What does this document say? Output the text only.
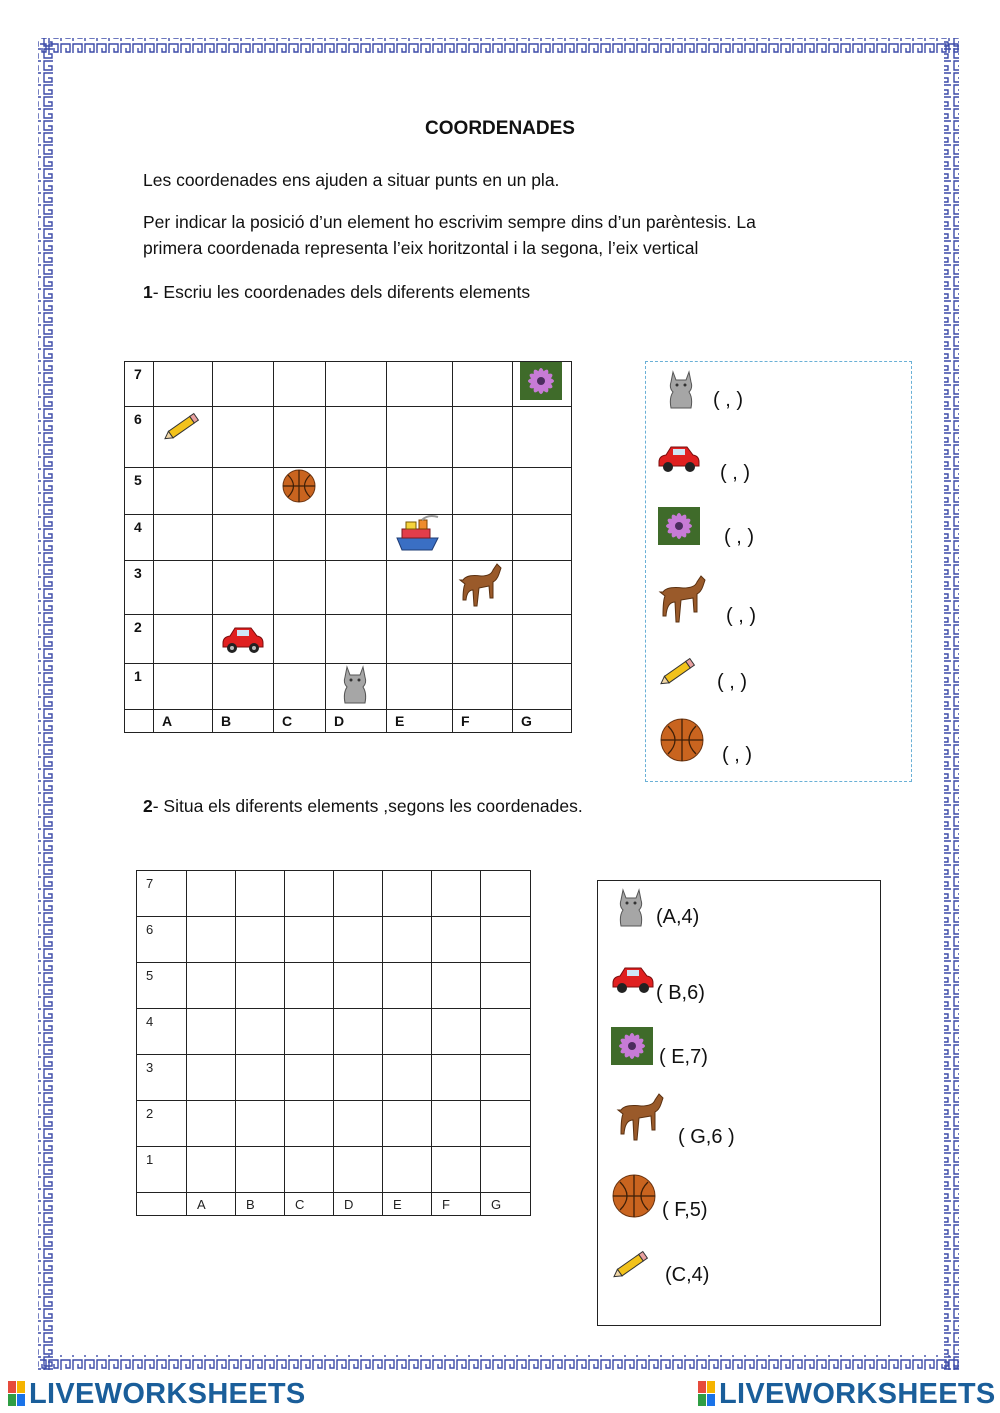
COORDENADES
Les coordenades ens ajuden a situar punts en un pla.
Per indicar la posició d’un element ho escrivim sempre dins d’un parèntesis. La
primera coordenada representa l’eix horitzontal i la segona, l’eix vertical
1- Escriu les coordenades dels diferents elements
7							
6							
5							
4							
3							
2							
1							
	A	B	C	D	E	F	G
( , )
( , )
( , )
( , )
( , )
( , )
2- Situa els diferents elements ,segons les coordenades.
7							
6							
5							
4							
3							
2							
1							
	A	B	C	D	E	F	G
(A,4)
( B,6)
( E,7)
( G,6 )
( F,5)
(C,4)
LIVEWORKSHEETS	LIVEWORKSHEETS
